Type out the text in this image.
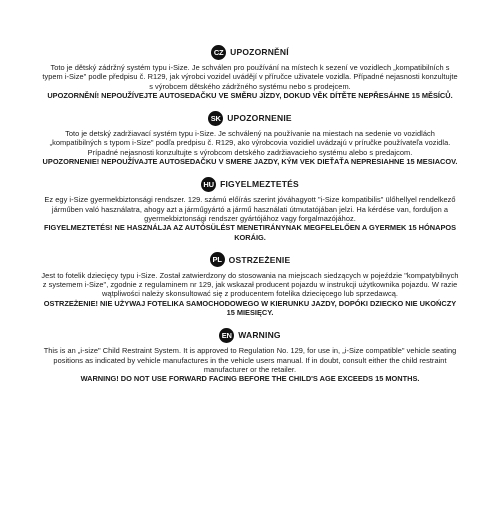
CZ UPOZORNĚNÍ

Toto je dětský zádržný systém typu i-Size. Je schválen pro používání na místech k sezení ve vozidlech „kompatibilních s typem i-Size" podle předpisu č. R129, jak výrobci vozidel uvádějí v příručce uživatele vozidla. Případné nejasnosti konzultujte s výrobcem dětského zádržného systému nebo s prodejcem.

UPOZORNĚNÍ! NEPOUŽÍVEJTE AUTOSEDAČKU VE SMĚRU JÍZDY, DOKUD VĚK DÍTĚTE NEPŘESÁHNE 15 MĚSÍCŮ.

SK UPOZORNENIE

Toto je detský zadržiavací systém typu i-Size. Je schválený na používanie na miestach na sedenie vo vozidlách „kompatibilných s typom i-Size" podľa predpisu č. R129, ako výrobcovia vozidiel uvádzajú v príručke používateľa vozidla. Prípadné nejasnosti konzultujte s výrobcom detského zadržiavacieho systému alebo s predajcom.

UPOZORNENIE! NEPOUŽÍVAJTE AUTOSEDAČKU V SMERE JAZDY, KÝM VEK DIEŤAŤA NEPRESIAHNE 15 MESIACOV.

HU FIGYELMEZTETÉS

Ez egy i-Size gyermekbiztonsági rendszer. 129. számú előírás szerint jóváhagyott "i-Size kompatibilis" ülőhellyel rendelkező járműben való használatra, ahogy azt a járműgyártó a jármű használati útmutatójában jelzi. Ha kérdése van, forduljon a gyermekbiztonsági rendszer gyártójához vagy forgalmazójához.

FIGYELMEZTETÉS! NE HASZNÁLJA AZ AUTÓSÜLÉST MENETIRÁNYNAK MEGFELELŐEN A GYERMEK 15 HÓNAPOS KORÁIG.

PL OSTRZEŻENIE

Jest to fotelik dziecięcy typu i-Size. Został zatwierdzony do stosowania na miejscach siedzących w pojeździe "kompatybilnych z systemem i-Size", zgodnie z regulaminem nr 129, jak wskazał producent pojazdu w instrukcji użytkownika pojazdu. W razie wątpliwości należy skonsultować się z producentem fotelika dziecięcego lub sprzedawcą.

OSTRZEŻENIE! NIE UŻYWAJ FOTELIKA SAMOCHODOWEGO W KIERUNKU JAZDY, DOPÓKI DZIECKO NIE UKOŃCZY 15 MIESIĘCY.

EN WARNING

This is an „i-size" Child Restraint System. It is approved to Regulation No. 129, for use in, „i-Size compatible" vehicle seating positions as indicated by vehicle manufactures in the vehicle users manual. If in doubt, consult either the child restraint manufacturer or the retailer.

WARNING! DO NOT USE FORWARD FACING BEFORE THE CHILD'S AGE EXCEEDS 15 MONTHS.
